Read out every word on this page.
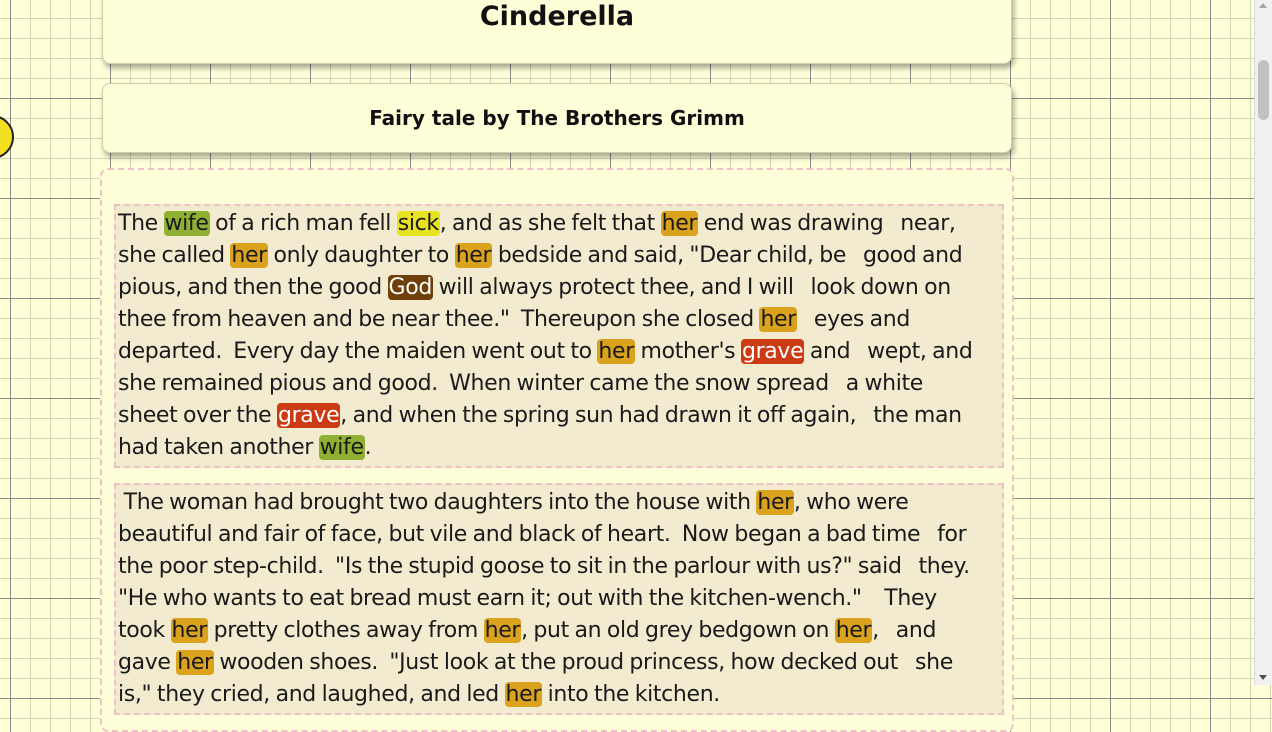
Cinderella
Fairy tale by The Brothers Grimm
The wife of a rich man fell sick, and as she felt that her end was drawing   near,
she called her only daughter to her bedside and said, "Dear child, be   good and
pious, and then the good God will always protect thee, and I will   look down on
thee from heaven and be near thee."  Thereupon she closed her   eyes and
departed.  Every day the maiden went out to her mother's grave and   wept, and
she remained pious and good.  When winter came the snow spread   a white
sheet over the grave, and when the spring sun had drawn it off again,   the man
had taken another wife.
The woman had brought two daughters into the house with her, who were
beautiful and fair of face, but vile and black of heart.  Now began a bad time   for
the poor step-child.  "Is the stupid goose to sit in the parlour with us?" said   they.
"He who wants to eat bread must earn it; out with the kitchen-wench."    They
took her pretty clothes away from her, put an old grey bedgown on her,   and
gave her wooden shoes.  "Just look at the proud princess, how decked out   she
is," they cried, and laughed, and led her into the kitchen.
